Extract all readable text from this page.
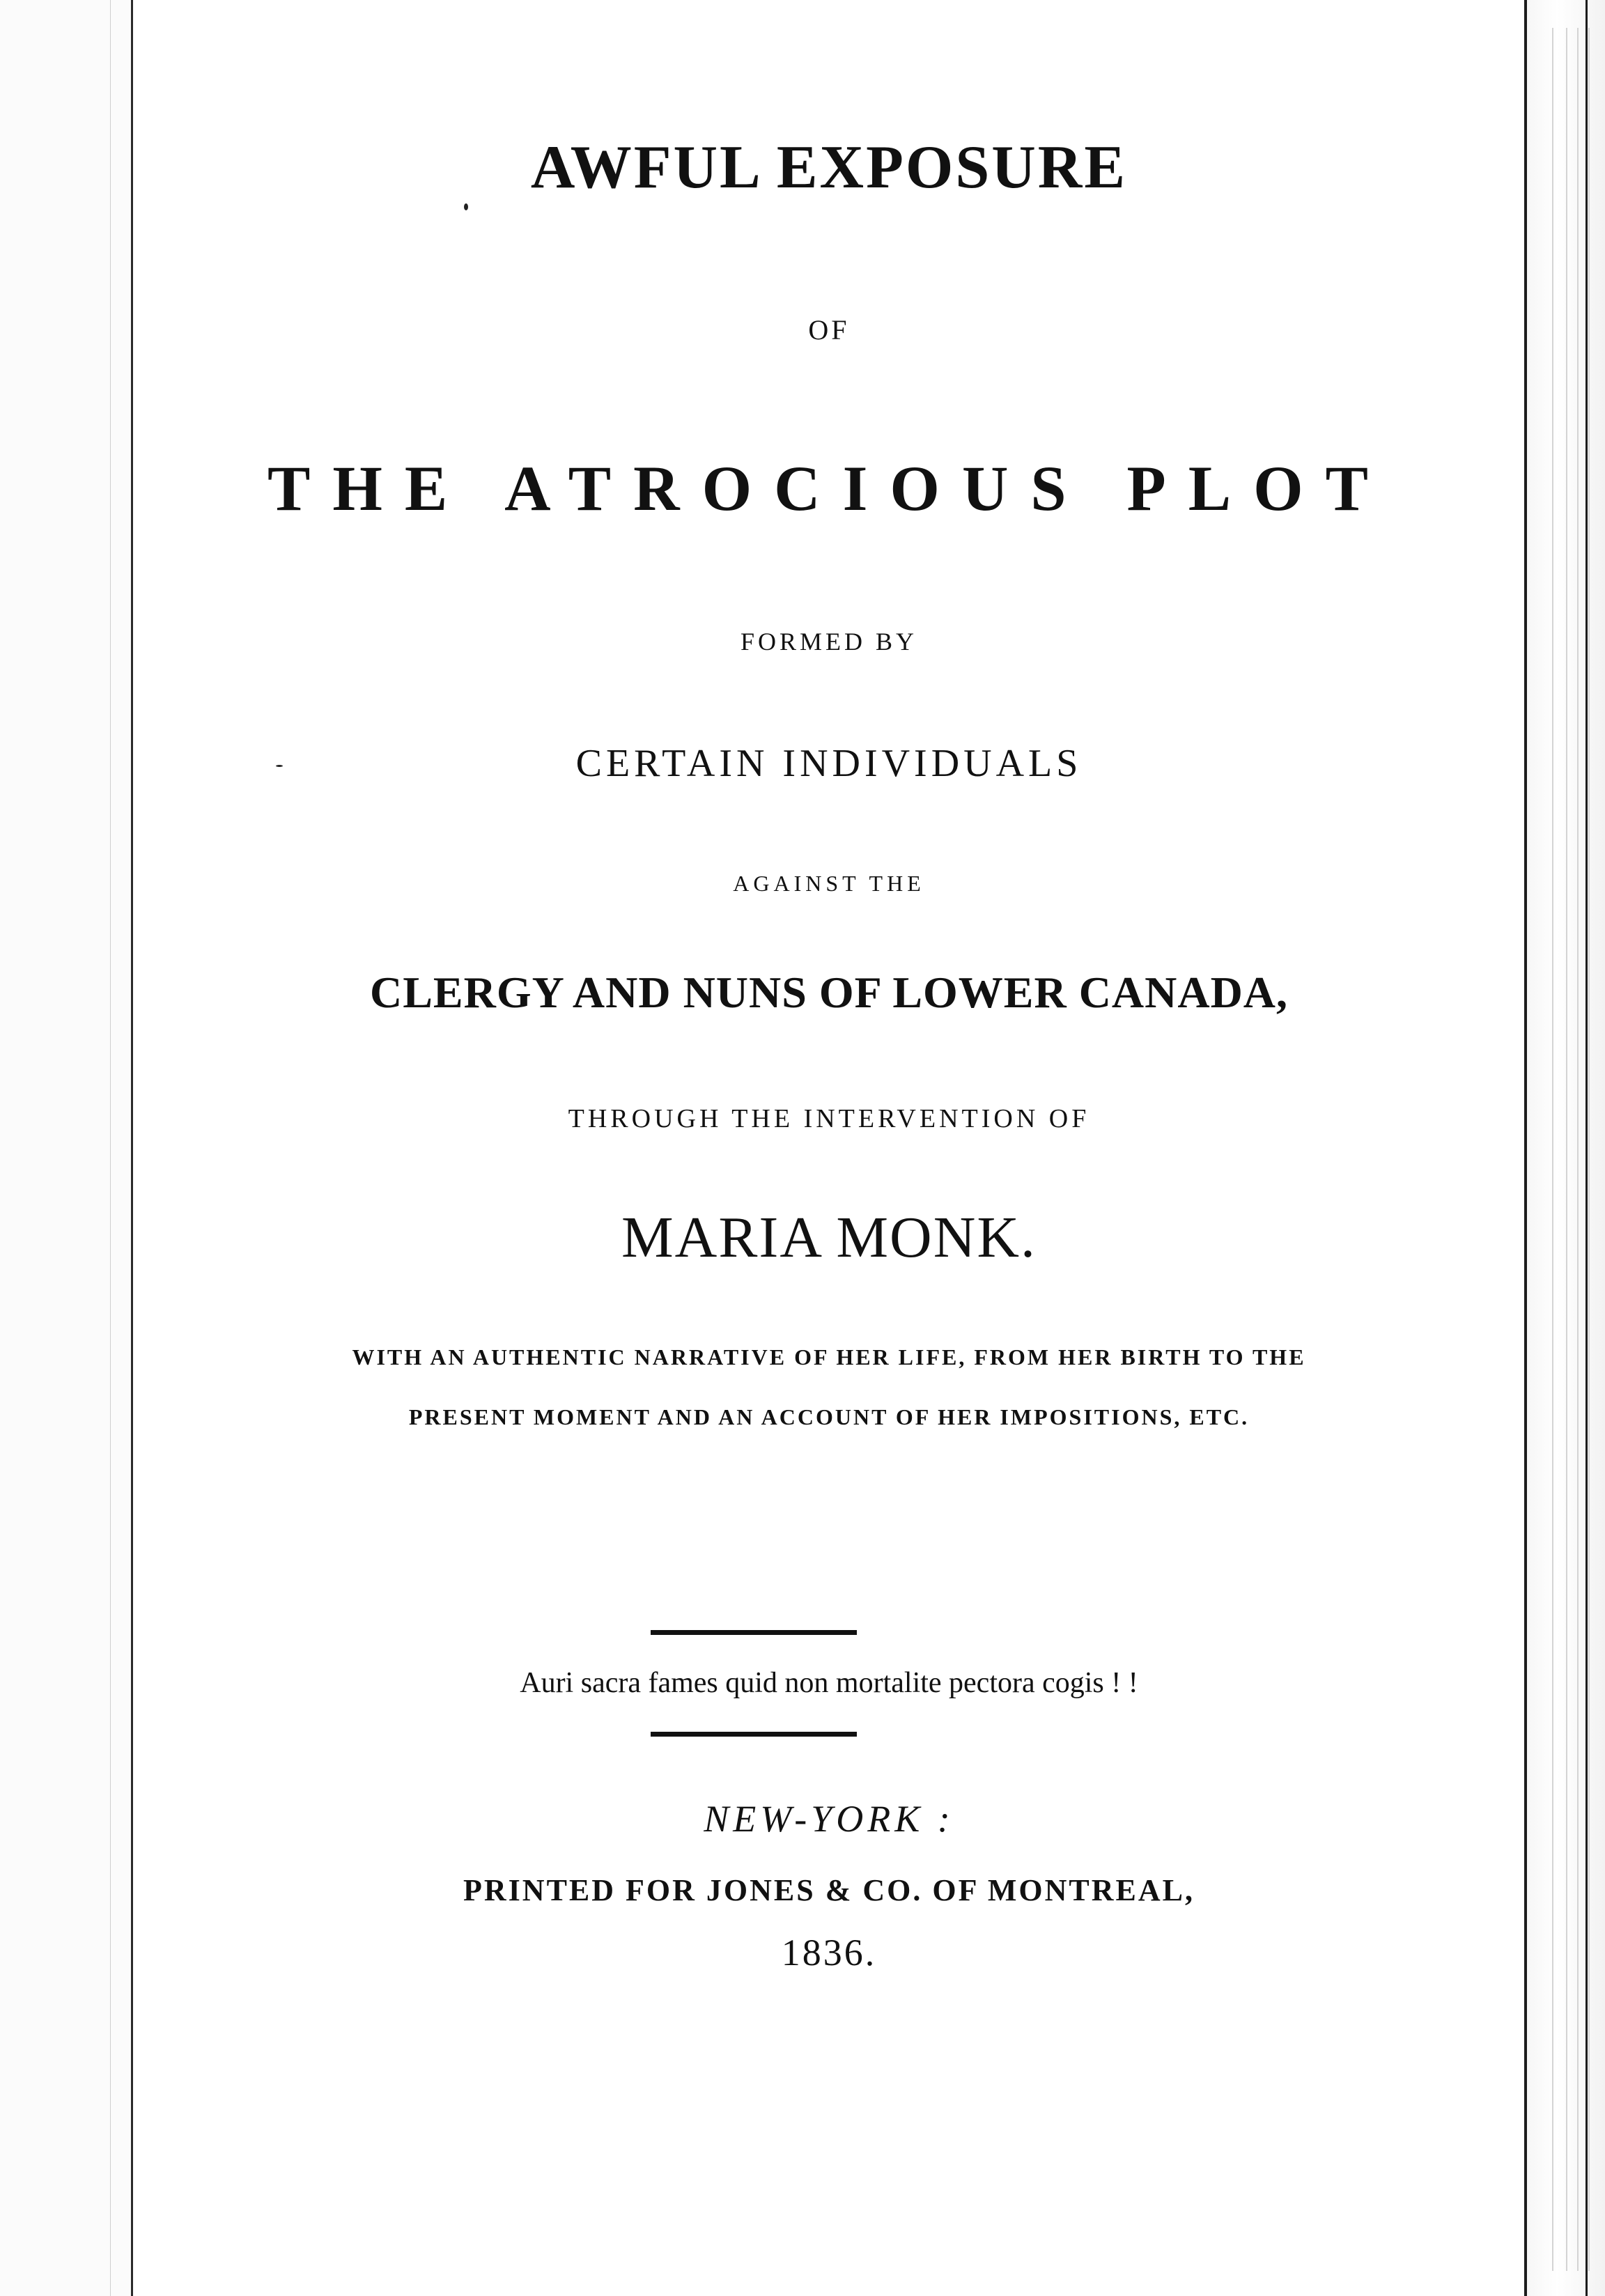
AWFUL EXPOSURE
OF
THE ATROCIOUS PLOT
FORMED BY
CERTAIN INDIVIDUALS
AGAINST THE
CLERGY AND NUNS OF LOWER CANADA,
THROUGH THE INTERVENTION OF
MARIA MONK.
WITH AN AUTHENTIC NARRATIVE OF HER LIFE, FROM HER BIRTH TO THE
PRESENT MOMENT AND AN ACCOUNT OF HER IMPOSITIONS, ETC.
Auri sacra fames quid non mortalite pectora cogis ! !
NEW-YORK :
PRINTED FOR JONES & CO. OF MONTREAL,
1836.
